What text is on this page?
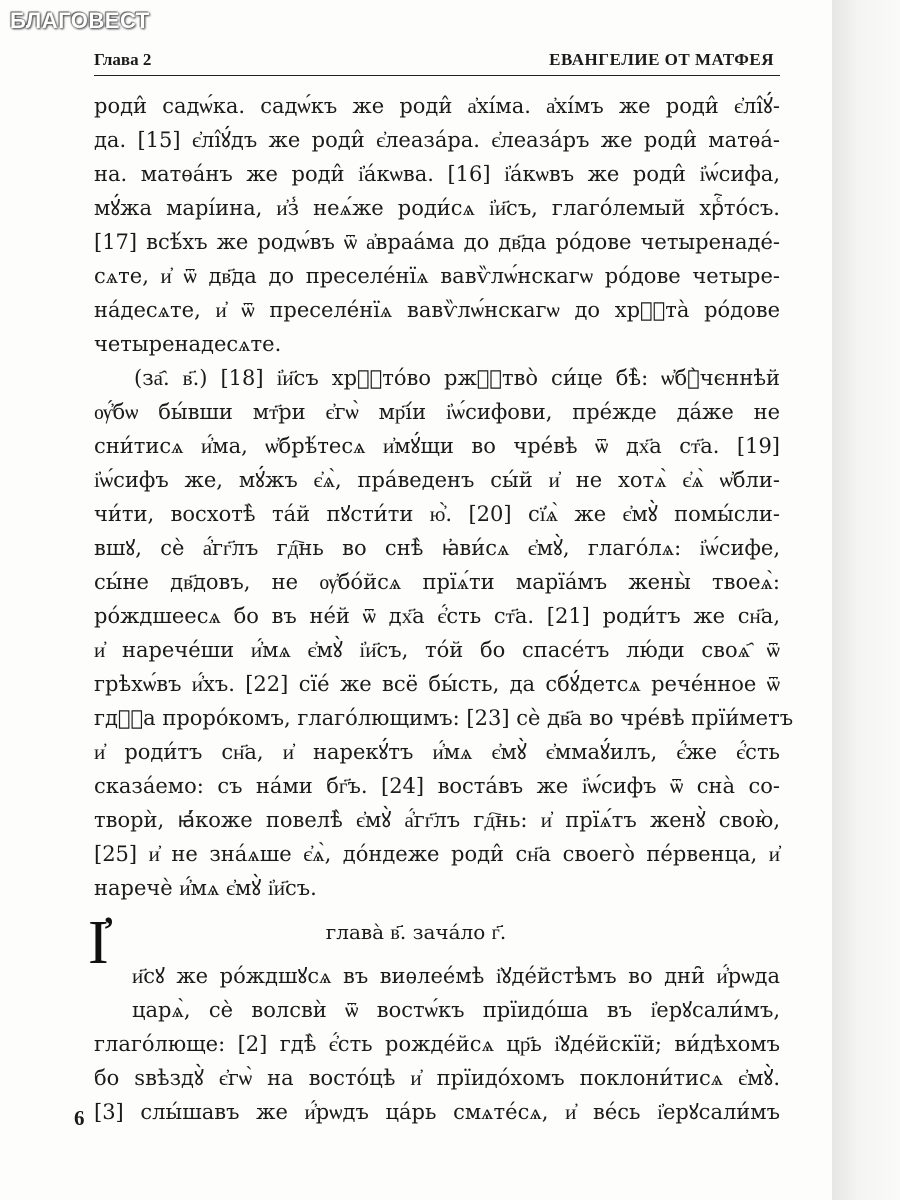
БЛАГОВЕСТ
Глава 2	ЕВАНГЕЛИЕ ОТ МАТФЕЯ
роди̂ садѡ́ка. садѡ́къ же роди̂ а҆хі́ма. а҆хі́мъ же роди̂ є҆лі̂ꙋ́-
да. [15] є҆лі̂ꙋ́дъ же роди̂ є҆леаза́ра. є҆леаза́ръ же роди̂ матѳа́-
на. матѳа́нъ же роди̂ і҆а́кѡва. [16] і҆а́кѡвъ же роди̂ і҆ѡ́сифа,
мꙋ́жа марі́ина, и҆з̾ неѧ́же роди́сѧ і҆и҃съ, глаго́лемый хрⷭ҇то́съ.
[17] всѣ́хъ же родѡ́въ ѿ а҆враа́ма до дв҃да ро́дове четыренаде́-
сѧте, и҆ ѿ дв҃да до преселе́нїѧ вавѷлѡ́нскагѡ ро́дове четыре-
на́десѧте, и҆ ѿ преселе́нїѧ вавѷлѡ́нскагѡ до хрⷭ҇та̀ ро́дове
четыренадесѧте.
(за҄. в҃.) [18] і҆и҃съ хрⷭ҇то́во ржⷭ҇тво̀ си́це бѣ̀: ѡ҆бꙋ̀чєннѣй
ѹ҆́бѡ бы́вши мт҃ри є҆гѡ̀ мр҃і́и і҆ѡ́сифови, пре́жде да́же не
сни́тисѧ и҆́ма, ѡ҆брѣ́тесѧ и҆мꙋ́щи во чре́вѣ ѿ дх҃а ст҃а. [19]
і҆ѡ́сифъ же, мꙋ́жъ є҆ѧ̀, пра́веденъ сы́й и҆ не хотѧ̀ є҆ѧ̀ ѡ҆бли-
чи́ти, восхотѣ̀ та́й пꙋсти́ти ю҆̀. [20] сї҆ѧ̀ же є҆мꙋ̀ помы́сли-
вшꙋ, сѐ а҆́гг҃лъ гд҇нь во снѣ̀ ꙗ҆ви́сѧ є҆мꙋ̀, глаго́лѧ: і҆ѡ́сифе,
сы́не дв҃довъ, не ѹ҆бо́йсѧ прїѧ́ти марїа́мъ жены̀ твоеѧ̀:
ро́ждшеесѧ бо въ не́й ѿ дх҃а є҆́сть ст҃а. [21] роди́тъ же сн҃а,
и҆ нарече́ши и҆́мѧ є҆мꙋ̀ і҆и҃съ, то́й бо спасе́тъ лю́ди своѧ҄ ѿ
грѣхѡ́въ и҆́хъ. [22] сїе́ же всё бы́сть, да сбꙋ́детсѧ рече́нное ѿ
гдⷭ҇а проро́комъ, глаго́лющимъ: [23] сѐ дв҃а во чре́вѣ прїи́метъ
и҆ роди́тъ сн҃а, и҆ нарекꙋ́тъ и҆́мѧ є҆мꙋ̀ є҆ммаꙋ́илъ, є҆́же є҆́сть
сказа́емо: съ на́ми бг҃ъ. [24] воста́въ же і҆ѡ́сифъ ѿ сна̀ со-
творѝ, ꙗ҆́коже повелѣ̀ є҆мꙋ̀ а҆́гг҃лъ гд҇нь: и҆ прїѧ́тъ женꙋ̀ свою̀,
[25] и҆ не зна́ѧше є҆ѧ̀, до́ндеже роди̂ сн҃а своего̀ пе́рвенца, и҆
наречѐ и҆́мѧ є҆мꙋ̀ і҆и҃съ.
глава̀ в҃. зача́ло г҃.
І҆ и҃сꙋ же ро́ждшꙋсѧ въ виѳлее́мѣ і҆ꙋде́йстѣмъ во дни̑ и҆́рѡда
царѧ̀, сѐ волсвѝ ѿ востѡ́къ прїидо́ша въ і҆ерꙋсали́мъ,
глаго́люще: [2] гдѣ̀ є҆́сть рожде́йсѧ цр҃ь і҆ꙋде́йскїй; ви́дѣхомъ
бо ѕвѣздꙋ̀ є҆гѡ̀ на восто́цѣ и҆ прїидо́хомъ поклони́тисѧ є҆мꙋ̀.
[3] слы́шавъ же и҆́рѡдъ ца́рь смѧте́сѧ, и҆ ве́сь і҆ерꙋсали́мъ
6
